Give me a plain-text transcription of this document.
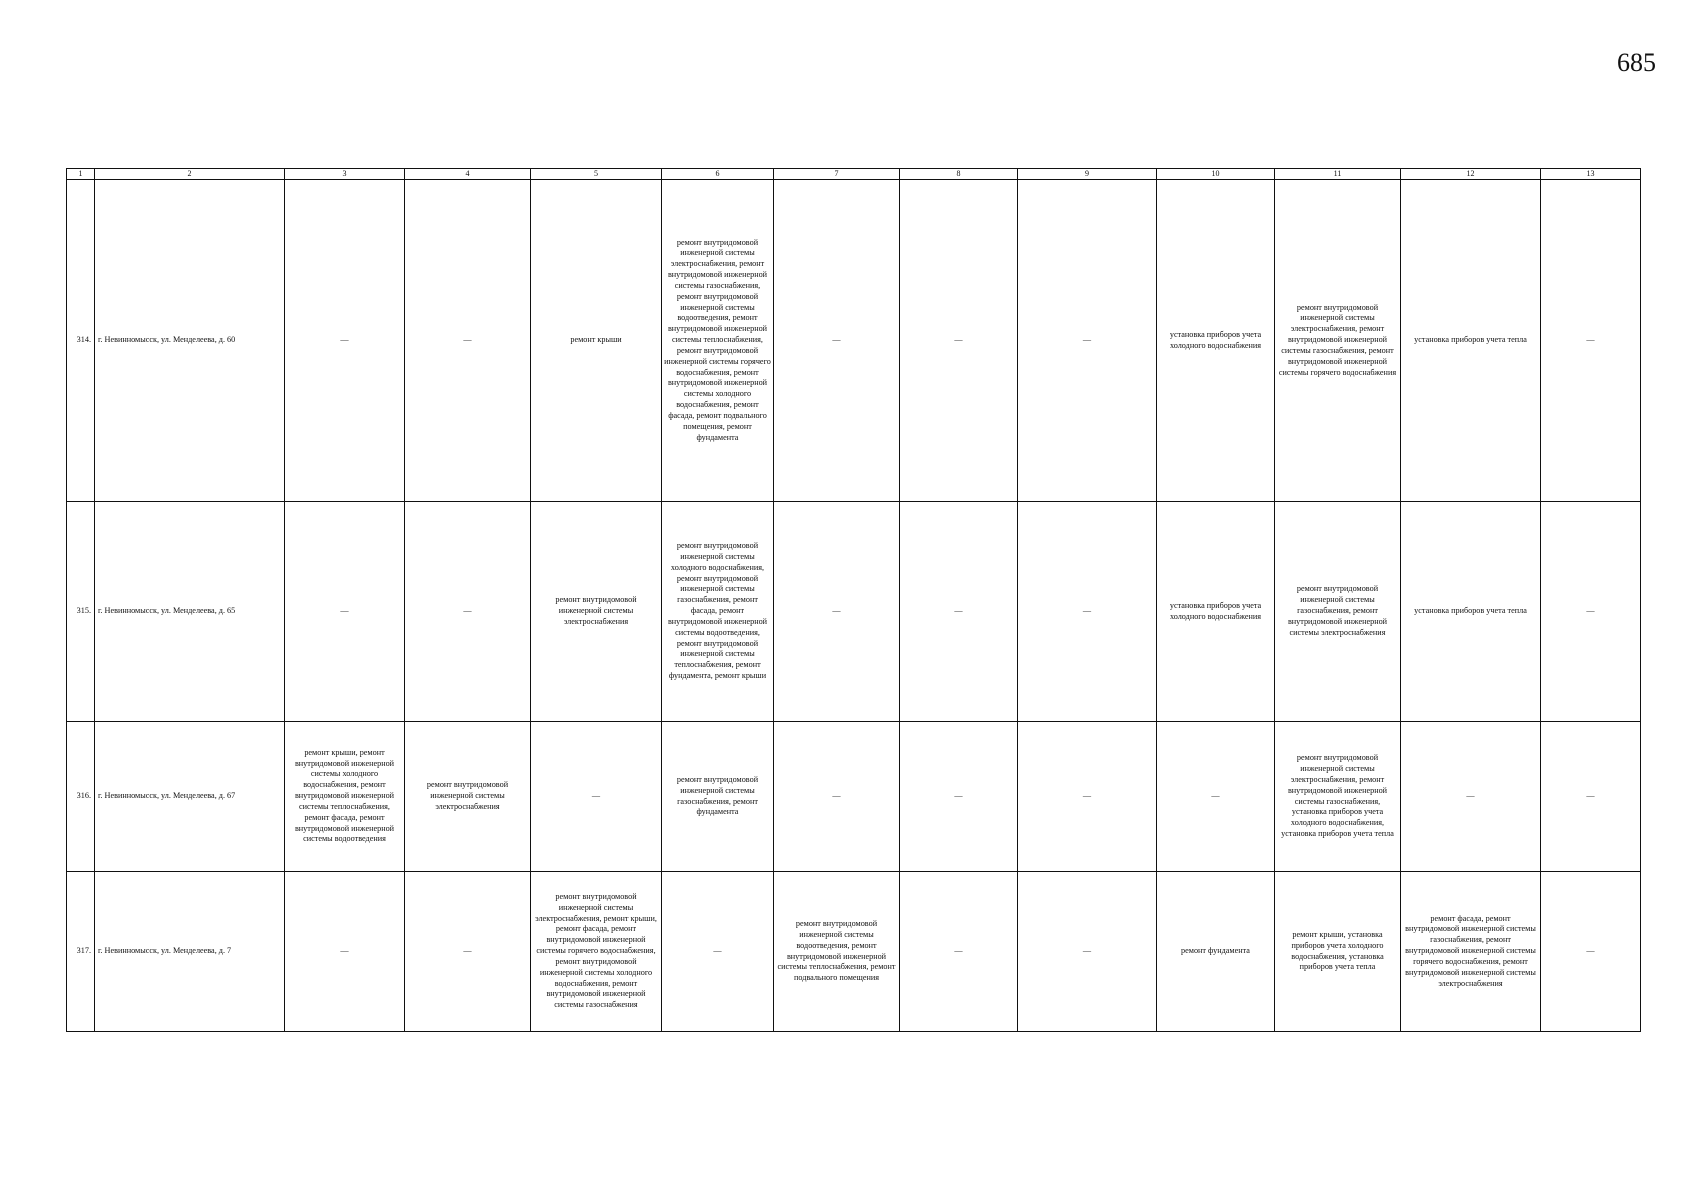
685
1	2	3	4	5	6	7	8	9	10	11	12	13
314.	г. Невинномысск, ул. Менделеева, д. 60	—	—	ремонт крыши	ремонт внутридомовой инженерной системы электроснабжения, ремонт внутридомовой инженерной системы газоснабжения, ремонт внутридомовой инженерной системы водоотведения, ремонт внутридомовой инженерной системы теплоснабжения, ремонт внутридомовой инженерной системы горячего водоснабжения, ремонт внутридомовой инженерной системы холодного водоснабжения, ремонт фасада, ремонт подвального помещения, ремонт фундамента	—	—	—	установка приборов учета холодного водоснабжения	ремонт внутридомовой инженерной системы электроснабжения, ремонт внутридомовой инженерной системы газоснабжения, ремонт внутридомовой инженерной системы горячего водоснабжения	установка приборов учета тепла	—
315.	г. Невинномысск, ул. Менделеева, д. 65	—	—	ремонт внутридомовой инженерной системы электроснабжения	ремонт внутридомовой инженерной системы холодного водоснабжения, ремонт внутридомовой инженерной системы газоснабжения, ремонт фасада, ремонт внутридомовой инженерной системы водоотведения, ремонт внутридомовой инженерной системы теплоснабжения, ремонт фундамента, ремонт крыши	—	—	—	установка приборов учета холодного водоснабжения	ремонт внутридомовой инженерной системы газоснабжения, ремонт внутридомовой инженерной системы электроснабжения	установка приборов учета тепла	—
316.	г. Невинномысск, ул. Менделеева, д. 67	ремонт крыши, ремонт внутридомовой инженерной системы холодного водоснабжения, ремонт внутридомовой инженерной системы теплоснабжения, ремонт фасада, ремонт внутридомовой инженерной системы водоотведения	ремонт внутридомовой инженерной системы электроснабжения	—	ремонт внутридомовой инженерной системы газоснабжения, ремонт фундамента	—	—	—	—	ремонт внутридомовой инженерной системы электроснабжения, ремонт внутридомовой инженерной системы газоснабжения, установка приборов учета холодного водоснабжения, установка приборов учета тепла	—	—
317.	г. Невинномысск, ул. Менделеева, д. 7	—	—	ремонт внутридомовой инженерной системы электроснабжения, ремонт крыши, ремонт фасада, ремонт внутридомовой инженерной системы горячего водоснабжения, ремонт внутридомовой инженерной системы холодного водоснабжения, ремонт внутридомовой инженерной системы газоснабжения	—	ремонт внутридомовой инженерной системы водоотведения, ремонт внутридомовой инженерной системы теплоснабжения, ремонт подвального помещения	—	—	ремонт фундамента	ремонт крыши, установка приборов учета холодного водоснабжения, установка приборов учета тепла	ремонт фасада, ремонт внутридомовой инженерной системы газоснабжения, ремонт внутридомовой инженерной системы горячего водоснабжения, ремонт внутридомовой инженерной системы электроснабжения	—
